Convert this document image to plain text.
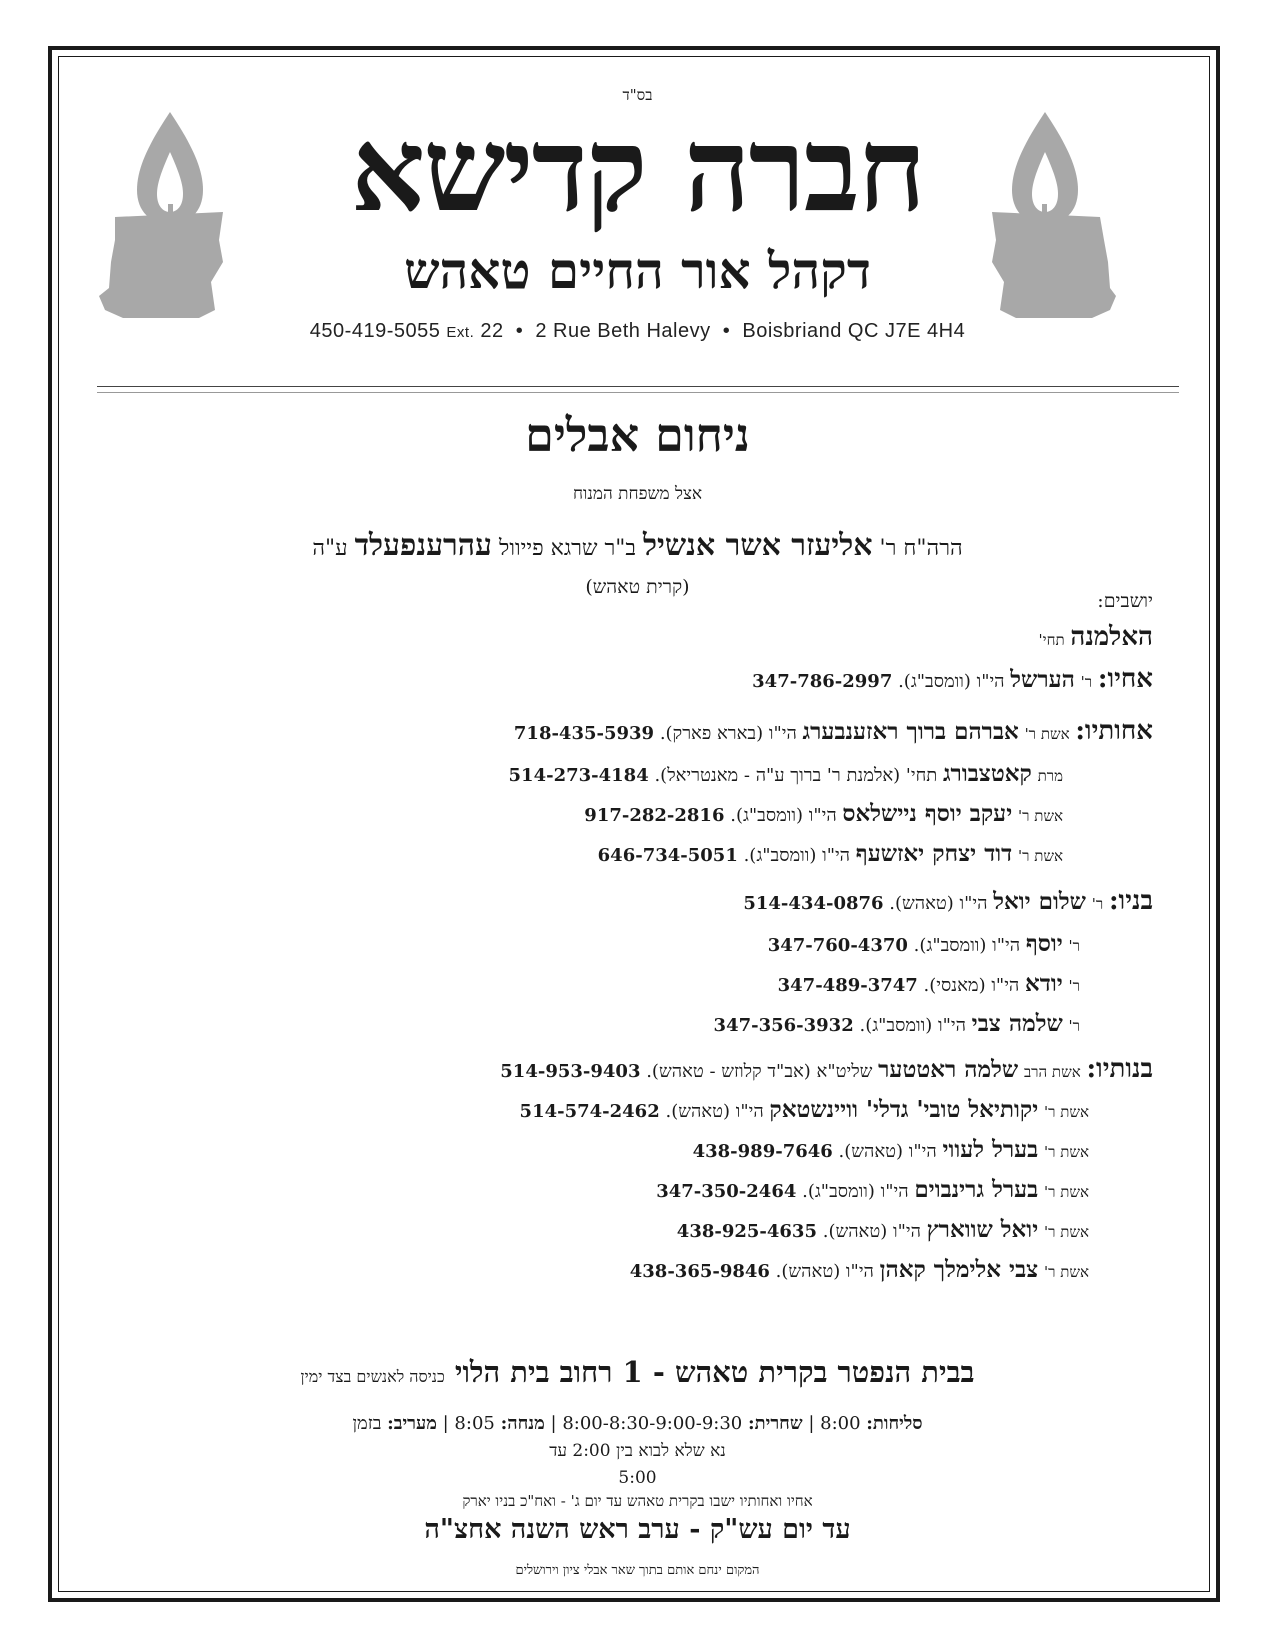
בס"ד
חברה קדישא
דקהל אור החיים טאהש
450-419-5055 Ext. 22 • 2 Rue Beth Halevy • Boisbriand QC J7E 4H4
ניחום אבלים
אצל משפחת המנוח
הרה"ח ר' אליעזר אשר אנשיל ב"ר שרגא פייוול עהרענפעלד ע"ה
(קרית טאהש)
יושבים:
האלמנה תחי'
אחיו: ר' הערשל הי"ו (וומסב"ג). 347-786-2997
אחותיו: אשת ר' אברהם ברוך ראזענבערג הי"ו (בארא פארק). 718-435-5939
מרת קאטצבורג תחי' (אלמנת ר' ברוך ע"ה - מאנטריאל). 514-273-4184
אשת ר' יעקב יוסף ניישלאס הי"ו (וומסב"ג). 917-282-2816
אשת ר' דוד יצחק יאזשעף הי"ו (וומסב"ג). 646-734-5051
בניו: ר' שלום יואל הי"ו (טאהש). 514-434-0876
ר' יוסף הי"ו (וומסב"ג). 347-760-4370
ר' יודא הי"ו (מאנסי). 347-489-3747
ר' שלמה צבי הי"ו (וומסב"ג). 347-356-3932
בנותיו: אשת הרב שלמה ראטטער שליט"א (אב"ד קלוזש - טאהש). 514-953-9403
אשת ר' יקותיאל טובי' גדלי' וויינשטאק הי"ו (טאהש). 514-574-2462
אשת ר' בערל לעווי הי"ו (טאהש). 438-989-7646
אשת ר' בערל גרינבוים הי"ו (וומסב"ג). 347-350-2464
אשת ר' יואל שווארץ הי"ו (טאהש). 438-925-4635
אשת ר' צבי אלימלך קאהן הי"ו (טאהש). 438-365-9846
בבית הנפטר בקרית טאהש - 1 רחוב בית הלוי כניסה לאנשים בצד ימין
סליחות: 8:00 | שחרית: 8:00-8:30-9:00-9:30 | מנחה: 8:05 | מעריב: בזמן
נא שלא לבוא בין 2:00 עד
5:00
אחיו ואחותיו ישבו בקרית טאהש עד יום ג' - ואח"כ בניו יארק
עד יום עש"ק - ערב ראש השנה אחצ"ה
המקום ינחם אותם בתוך שאר אבלי ציון וירושלים
